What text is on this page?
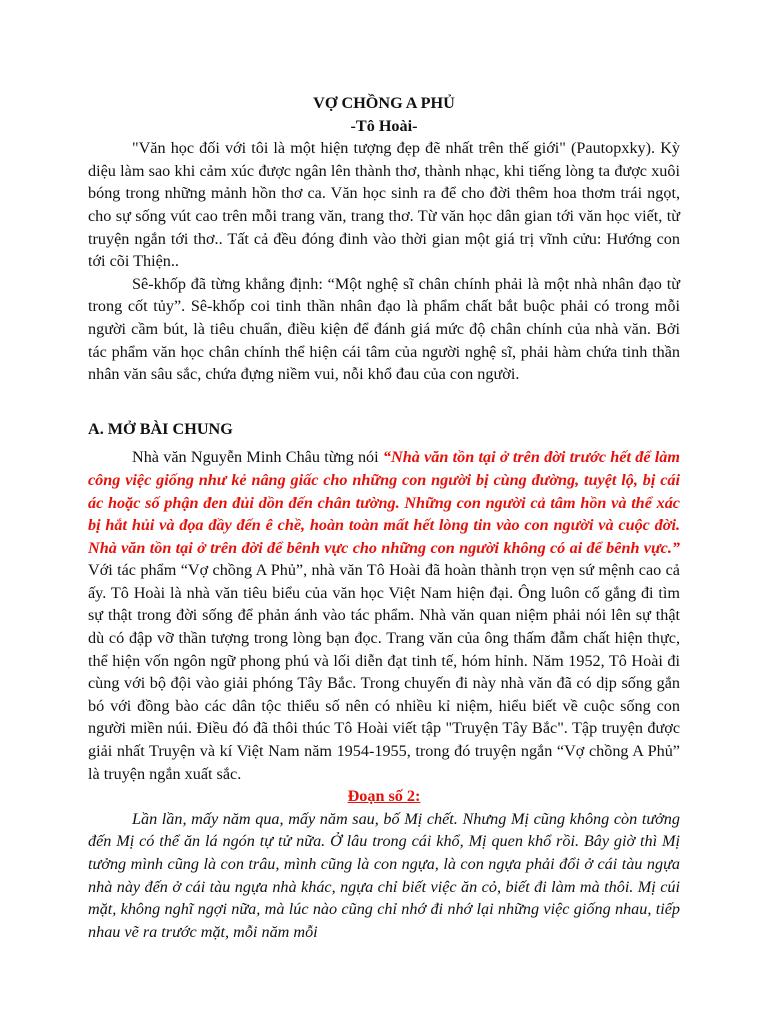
VỢ CHỒNG A PHỦ
-Tô Hoài-

"Văn học đối với tôi là một hiện tượng đẹp đẽ nhất trên thế giới" (Pautopxky). Kỳ diệu làm sao khi cảm xúc được ngân lên thành thơ, thành nhạc, khi tiếng lòng ta được xuôi bóng trong những mảnh hồn thơ ca. Văn học sinh ra để cho đời thêm hoa thơm trái ngọt, cho sự sống vút cao trên mỗi trang văn, trang thơ. Từ văn học dân gian tới văn học viết, từ truyện ngắn tới thơ.. Tất cả đều đóng đinh vào thời gian một giá trị vĩnh cửu: Hướng con tới cõi Thiện..

Sê-khốp đã từng khẳng định: “Một nghệ sĩ chân chính phải là một nhà nhân đạo từ trong cốt tủy”. Sê-khốp coi tinh thần nhân đạo là phẩm chất bắt buộc phải có trong mỗi người cầm bút, là tiêu chuẩn, điều kiện để đánh giá mức độ chân chính của nhà văn. Bởi tác phẩm văn học chân chính thể hiện cái tâm của người nghệ sĩ, phải hàm chứa tinh thần nhân văn sâu sắc, chứa đựng niềm vui, nỗi khổ đau của con người.

A. MỞ BÀI CHUNG

Nhà văn Nguyễn Minh Châu từng nói “Nhà văn tồn tại ở trên đời trước hết để làm công việc giống như kẻ nâng giấc cho những con người bị cùng đường, tuyệt lộ, bị cái ác hoặc số phận đen đủi dồn đến chân tường. Những con người cả tâm hồn và thể xác bị hắt hủi và đọa đầy đến ê chề, hoàn toàn mất hết lòng tin vào con người và cuộc đời. Nhà văn tồn tại ở trên đời để bênh vực cho những con người không có ai để bênh vực.” Với tác phẩm “Vợ chồng A Phủ”, nhà văn Tô Hoài đã hoàn thành trọn vẹn sứ mệnh cao cả ấy. Tô Hoài là nhà văn tiêu biểu của văn học Việt Nam hiện đại. Ông luôn cố gắng đi tìm sự thật trong đời sống để phản ánh vào tác phẩm. Nhà văn quan niệm phải nói lên sự thật dù có đập vỡ thần tượng trong lòng bạn đọc. Trang văn của ông thấm đẫm chất hiện thực, thể hiện vốn ngôn ngữ phong phú và lối diễn đạt tinh tế, hóm hỉnh. Năm 1952, Tô Hoài đi cùng với bộ đội vào giải phóng Tây Bắc. Trong chuyến đi này nhà văn đã có dịp sống gắn bó với đồng bào các dân tộc thiểu số nên có nhiều kỉ niệm, hiểu biết về cuộc sống con người miền núi. Điều đó đã thôi thúc Tô Hoài viết tập "Truyện Tây Bắc". Tập truyện được giải nhất Truyện và kí Việt Nam năm 1954-1955, trong đó truyện ngắn “Vợ chồng A Phủ” là truyện ngắn xuất sắc.

Đoạn số 2:

Lần lần, mấy năm qua, mấy năm sau, bố Mị chết. Nhưng Mị cũng không còn tưởng đến Mị có thể ăn lá ngón tự tử nữa. Ở lâu trong cái khổ, Mị quen khổ rồi. Bây giờ thì Mị tưởng mình cũng là con trâu, mình cũng là con ngựa, là con ngựa phải đổi ở cái tàu ngựa nhà này đến ở cái tàu ngựa nhà khác, ngựa chỉ biết việc ăn cỏ, biết đi làm mà thôi. Mị cúi mặt, không nghĩ ngợi nữa, mà lúc nào cũng chỉ nhớ đi nhớ lại những việc giống nhau, tiếp nhau vẽ ra trước mặt, mỗi năm mỗi
